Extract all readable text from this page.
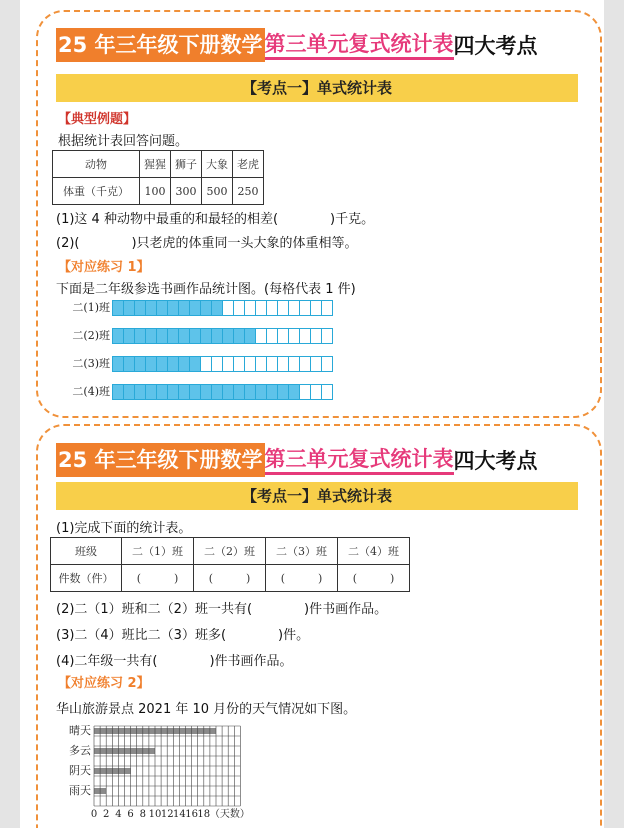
25 年三年级下册数学 第三单元复式统计表 四大考点
【考点一】单式统计表
【典型例题】
根据统计表回答问题。
动物	猩猩	狮子	大象	老虎
体重（千克）	100	300	500	250
(1)这 4 种动物中最重的和最轻的相差(　　　　)千克。
(2)(　　　　)只老虎的体重同一头大象的体重相等。
【对应练习 1】
下面是二年级参选书画作品统计图。(每格代表 1 件)
二(1)班
二(2)班
二(3)班
二(4)班
25 年三年级下册数学 第三单元复式统计表 四大考点
【考点一】单式统计表
(1)完成下面的统计表。
班级	二（1）班	二（2）班	二（3）班	二（4）班
件数（件）	(　　　)	(　　　)	(　　　)	(　　　)
(2)二（1）班和二（2）班一共有(　　　　)件书画作品。
(3)二（4）班比二（3）班多(　　　　)件。
(4)二年级一共有(　　　　)件书画作品。
【对应练习 2】
华山旅游景点 2021 年 10 月份的天气情况如下图。
晴天
多云
阴天
雨天
0 2 4 6 8 10 12 14 16 18 （天数）
